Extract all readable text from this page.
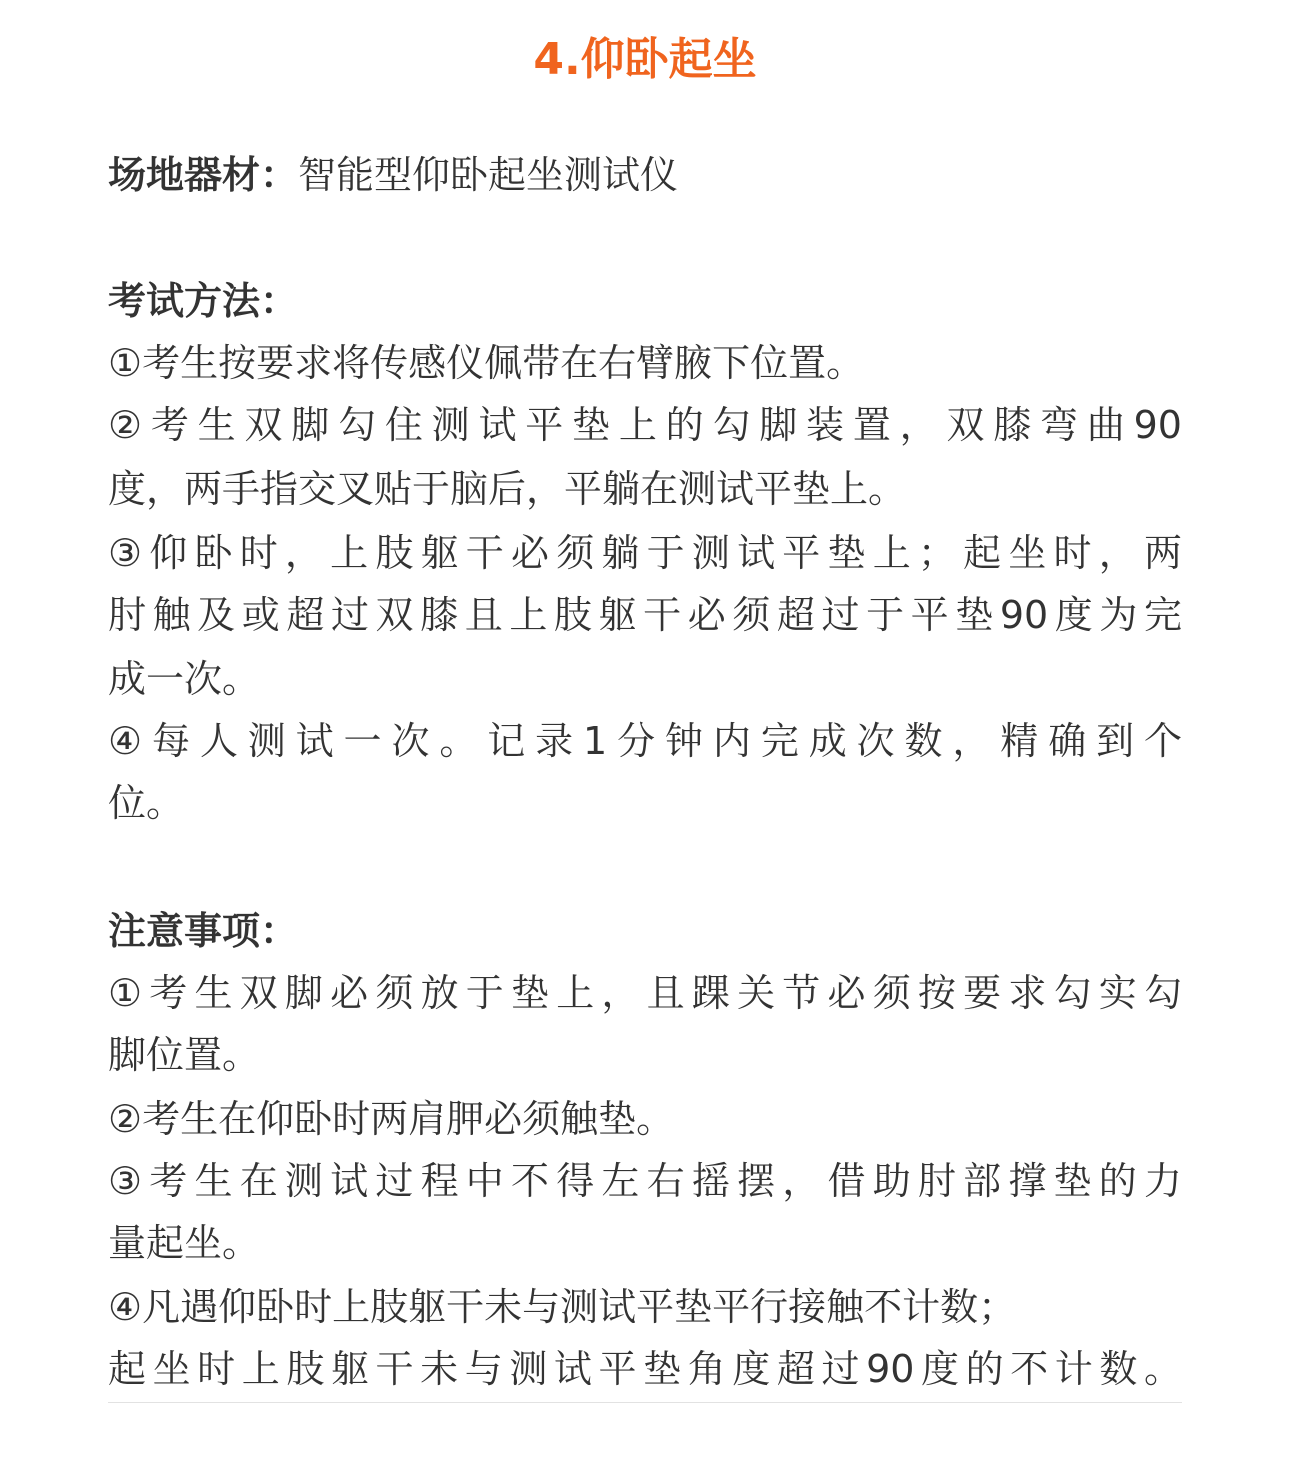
4.仰卧起坐

场地器材：智能型仰卧起坐测试仪

考试方法：

①考生按要求将传感仪佩带在右臂腋下位置。

②考生双脚勾住测试平垫上的勾脚装置，双膝弯曲90

度，两手指交叉贴于脑后，平躺在测试平垫上。

③仰卧时，上肢躯干必须躺于测试平垫上；起坐时，两

肘触及或超过双膝且上肢躯干必须超过于平垫90度为完

成一次。

④每人测试一次。记录1分钟内完成次数，精确到个

位。

注意事项：

①考生双脚必须放于垫上，且踝关节必须按要求勾实勾

脚位置。

②考生在仰卧时两肩胛必须触垫。

③考生在测试过程中不得左右摇摆，借助肘部撑垫的力

量起坐。

④凡遇仰卧时上肢躯干未与测试平垫平行接触不计数；

起坐时上肢躯干未与测试平垫角度超过90度的不计数。
